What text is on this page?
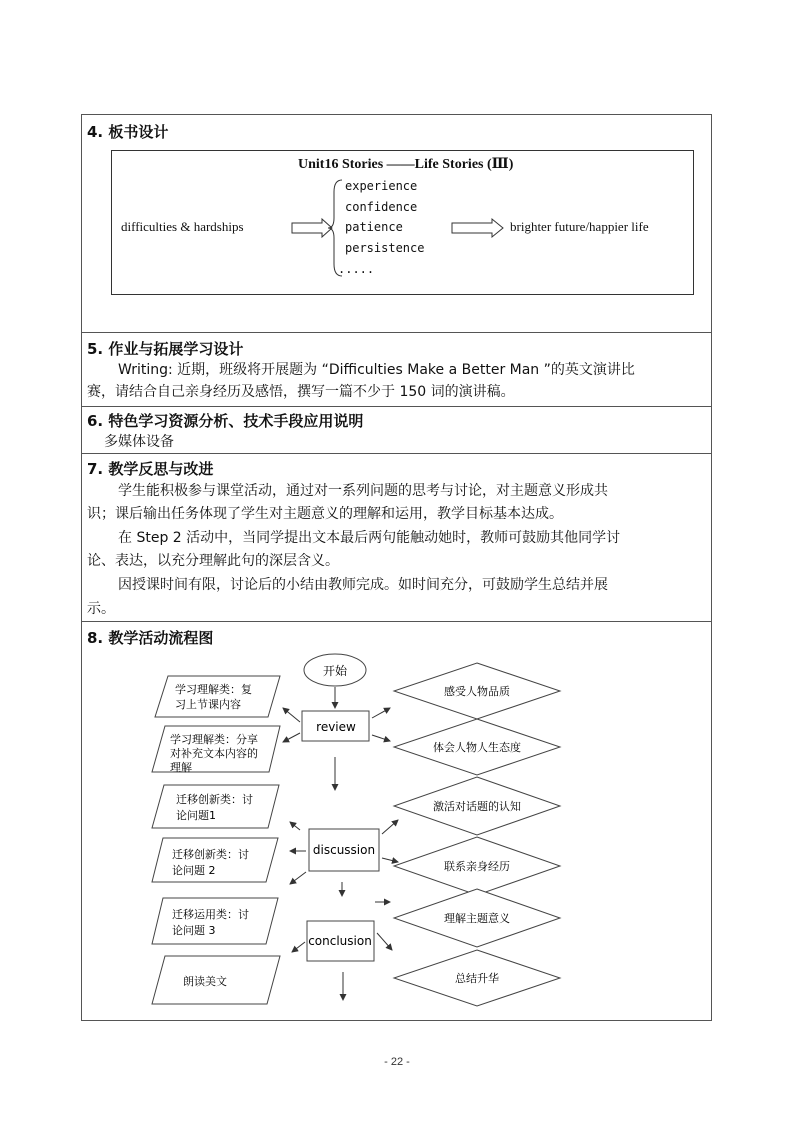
4. 板书设计
Unit16 Stories ——Life Stories (Ⅲ)
difficulties & hardships
experience
confidence
patience
persistence
.....
brighter future/happier life
5. 作业与拓展学习设计
Writing: 近期，班级将开展题为 “Difficulties Make a Better Man ”的英文演讲比
赛，请结合自己亲身经历及感悟，撰写一篇不少于 150 词的演讲稿。
6. 特色学习资源分析、技术手段应用说明
多媒体设备
7. 教学反思与改进
学生能积极参与课堂活动，通过对一系列问题的思考与讨论，对主题意义形成共
识；课后输出任务体现了学生对主题意义的理解和运用，教学目标基本达成。
在 Step 2 活动中，当同学提出文本最后两句能触动她时，教师可鼓励其他同学讨
论、表达，以充分理解此句的深层含义。
因授课时间有限，讨论后的小结由教师完成。如时间充分，可鼓励学生总结并展
示。
8. 教学活动流程图
开始
review
discussion
conclusion
学习理解类：复
习上节课内容
学习理解类：分享
对补充文本内容的
理解
迁移创新类：讨
论问题1
迁移创新类：讨
论问题 2
迁移运用类：讨
论问题 3
朗读美文
感受人物品质
体会人物人生态度
激活对话题的认知
联系亲身经历
理解主题意义
总结升华
- 22 -
